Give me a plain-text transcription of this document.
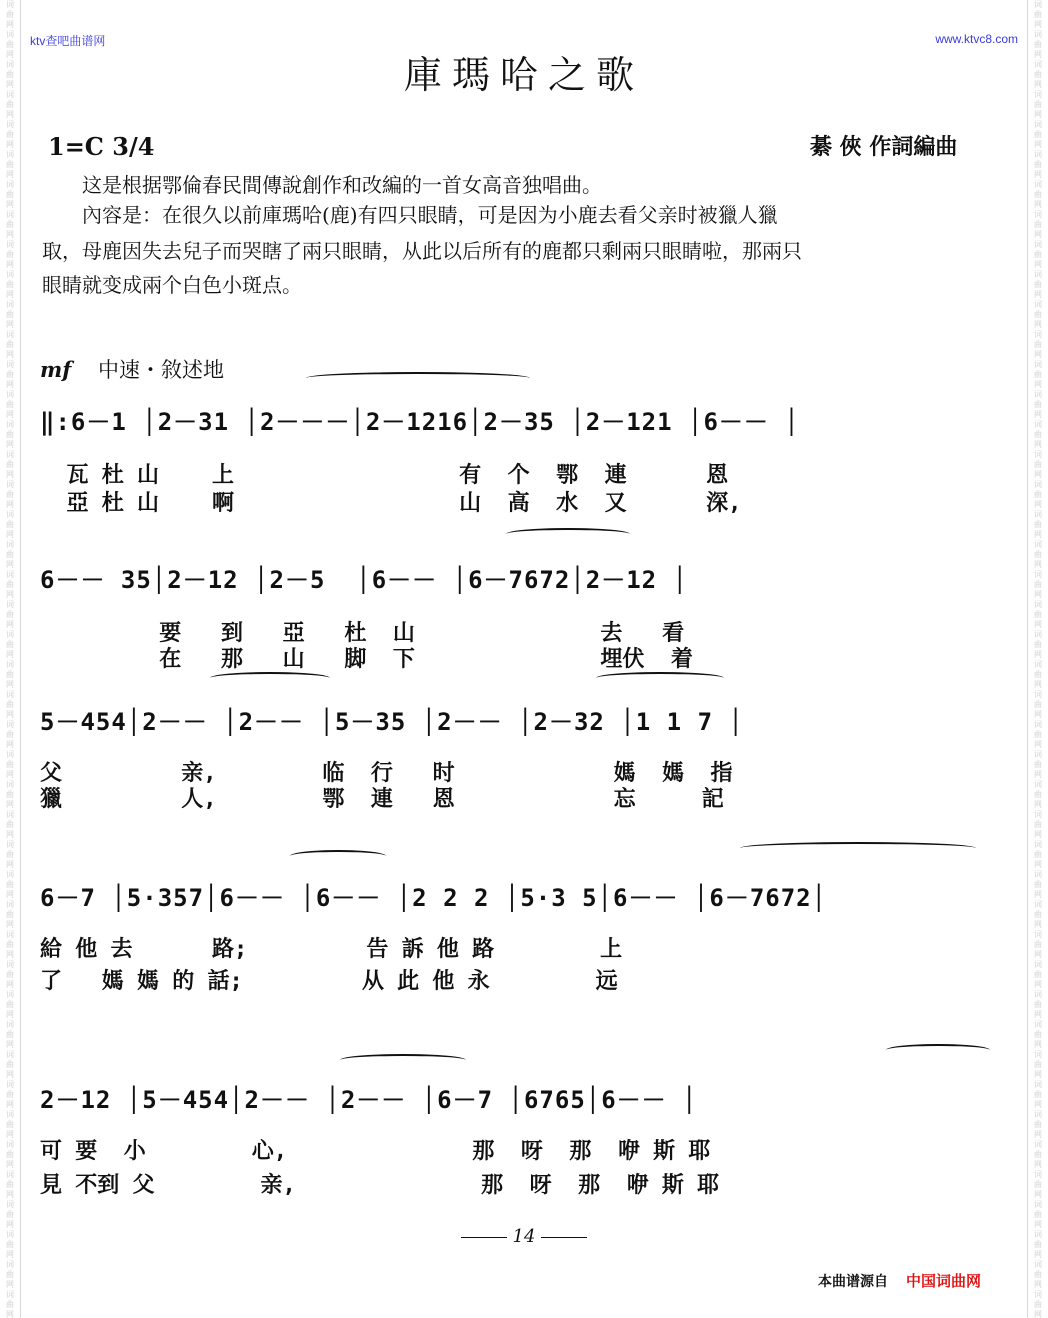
词
曲
网
词
曲
网
词
曲
网
词
曲
网
词
曲
网
词
曲
网
词
曲
网
词
曲
网
词
曲
网
词
曲
网
词
曲
网
词
曲
网
词
曲
网
词
曲
网
词
曲
网
词
曲
网
词
曲
网
词
曲
网
词
曲
网
词
曲
网
词
曲
网
词
曲
网
词
曲
网
词
曲
网
词
曲
网
词
曲
网
词
曲
网
词
曲
网
词
曲
网
词
曲
网
词
曲
网
词
曲
网
词
曲
网
词
曲
网
词
曲
网
词
曲
网
词
曲
网
词
曲
网
词
曲
网
词
曲
网
词
曲
网
词
曲
网
词
曲
网
词
曲
网

词
曲
网
词
曲
网
词
曲
网
词
曲
网
词
曲
网
词
曲
网
词
曲
网
词
曲
网
词
曲
网
词
曲
网
词
曲
网
词
曲
网
词
曲
网
词
曲
网
词
曲
网
词
曲
网
词
曲
网
词
曲
网
词
曲
网
词
曲
网
词
曲
网
词
曲
网
词
曲
网
词
曲
网
词
曲
网
词
曲
网
词
曲
网
词
曲
网
词
曲
网
词
曲
网
词
曲
网
词
曲
网
词
曲
网
词
曲
网
词
曲
网
词
曲
网
词
曲
网
词
曲
网
词
曲
网
词
曲
网
词
曲
网
词
曲
网
词
曲
网
词
曲
网

ktv查吧曲谱网	www.ktvc8.com
庫瑪哈之歌
1=C 3/4	綦 俠 作詞編曲
　　这是根据鄂倫春民間傳說創作和改編的一首女高音独唱曲。
　　內容是：在很久以前庫瑪哈(鹿)有四只眼睛，可是因为小鹿去看父亲时被獵人獵
取，母鹿因失去兒子而哭瞎了兩只眼睛，从此以后所有的鹿都只剩兩只眼睛啦，那兩只
眼睛就变成兩个白色小斑点。
mf 中速・敘述地
‖:6－1 │2－31 │2－－－│2－1216│2－35 │2－121 │6－－ │
瓦 杜 山    上                 有  个  鄂  連      恩
亞 杜 山    啊                 山  高  水  又      深,
6－－ 35│2－12 │2－5  │6－－ │6－7672│2－12 │
要   到   亞   杜  山              去   看
在   那   山   脚  下              埋伏  着
5－454│2－－ │2－－ │5－35 │2－－ │2－32 │1 1 7 │
父         亲,        临  行   时            媽  媽  指
獵         人,        鄂  連   恩            忘     記
6－7 │5·357│6－－ │6－－ │2 2 2 │5·3 5│6－－ │6－7672│
給 他 去      路;         告 訴 他 路        上
了   媽 媽 的 話;         从 此 他 永        远
2－12 │5－454│2－－ │2－－ │6－7 │6765│6－－ │
可 要  小        心,              那  呀  那  咿 斯 耶
見 不到 父        亲,              那  呀  那  咿 斯 耶
14
本曲谱源自 中国词曲网
